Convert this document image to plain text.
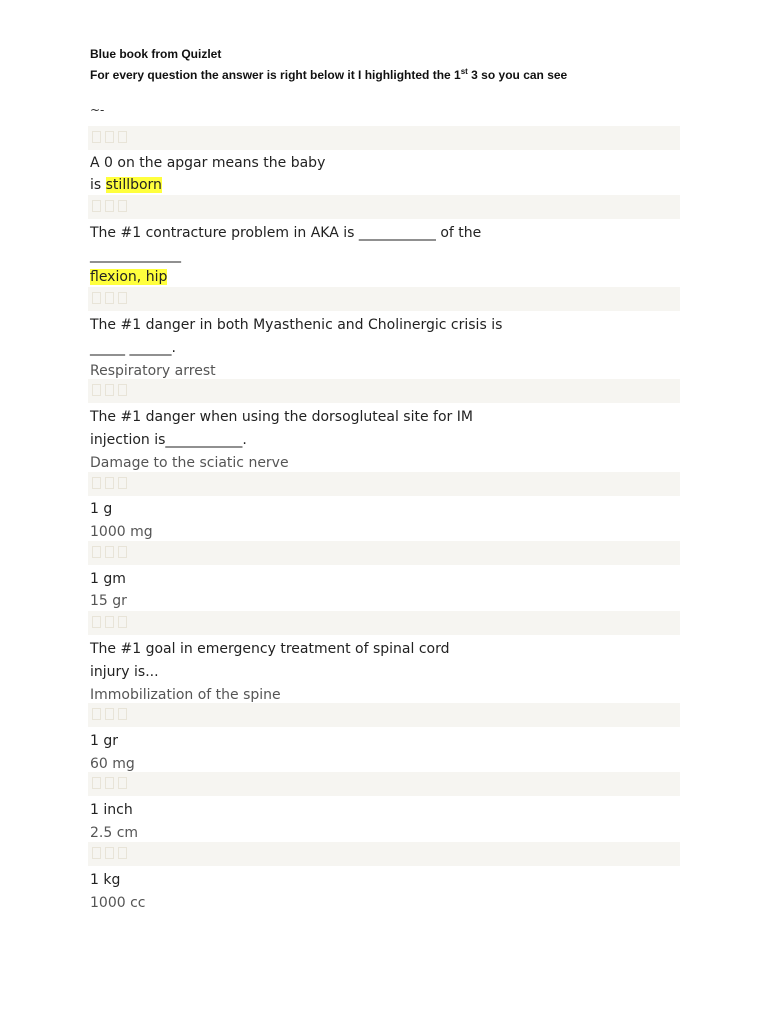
Blue book from Quizlet
For every question the answer is right below it I highlighted the 1st 3 so you can see
~-
A 0 on the apgar means the baby
is stillborn
The #1 contracture problem in AKA is ___________ of the
_____________
flexion, hip
The #1 danger in both Myasthenic and Cholinergic crisis is
_____ ______.
Respiratory arrest
The #1 danger when using the dorsogluteal site for IM
injection is___________.
Damage to the sciatic nerve
1 g
1000 mg
1 gm
15 gr
The #1 goal in emergency treatment of spinal cord
injury is...
Immobilization of the spine
1 gr
60 mg
1 inch
2.5 cm
1 kg
1000 cc
